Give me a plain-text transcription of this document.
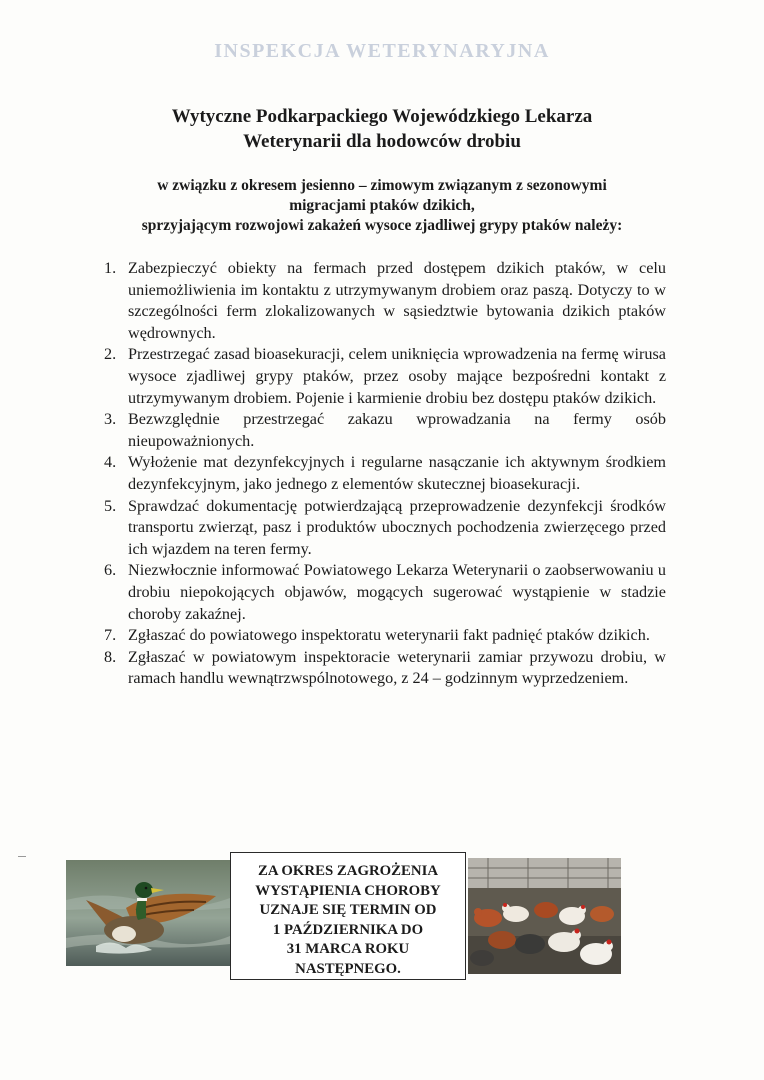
INSPEKCJA WETERYNARYJNA
Wytyczne Podkarpackiego Wojewódzkiego Lekarza
Weterynarii dla hodowców drobiu
w związku z okresem jesienno – zimowym związanym z sezonowymi
migracjami ptaków dzikich,
sprzyjającym rozwojowi zakażeń wysoce zjadliwej grypy ptaków należy:
1. Zabezpieczyć obiekty na fermach przed dostępem dzikich ptaków, w celu uniemożliwienia im kontaktu z utrzymywanym drobiem oraz paszą. Dotyczy to w szczególności ferm zlokalizowanych w sąsiedztwie bytowania dzikich ptaków wędrownych.
2. Przestrzegać zasad bioasekuracji, celem uniknięcia wprowadzenia na fermę wirusa wysoce zjadliwej grypy ptaków, przez osoby mające bezpośredni kontakt z utrzymywanym drobiem. Pojenie i karmienie drobiu bez dostępu ptaków dzikich.
3. Bezwzględnie przestrzegać zakazu wprowadzania na fermy osób nieupoważnionych.
4. Wyłożenie mat dezynfekcyjnych i regularne nasączanie ich aktywnym środkiem dezynfekcyjnym, jako jednego z elementów skutecznej bioasekuracji.
5. Sprawdzać dokumentację potwierdzającą przeprowadzenie dezynfekcji środków transportu zwierząt, pasz i produktów ubocznych pochodzenia zwierzęcego przed ich wjazdem na teren fermy.
6. Niezwłocznie informować Powiatowego Lekarza Weterynarii o zaobserwowaniu u drobiu niepokojących objawów, mogących sugerować wystąpienie w stadzie choroby zakaźnej.
7. Zgłaszać do powiatowego inspektoratu weterynarii fakt padnięć ptaków dzikich.
8. Zgłaszać w powiatowym inspektoracie weterynarii zamiar przywozu drobiu, w ramach handlu wewnątrzwspólnotowego, z 24 – godzinnym wyprzedzeniem.
ZA OKRES ZAGROŻENIA
WYSTĄPIENIA CHOROBY
UZNAJE SIĘ TERMIN OD
1 PAŹDZIERNIKA DO
31 MARCA ROKU
NASTĘPNEGO.
